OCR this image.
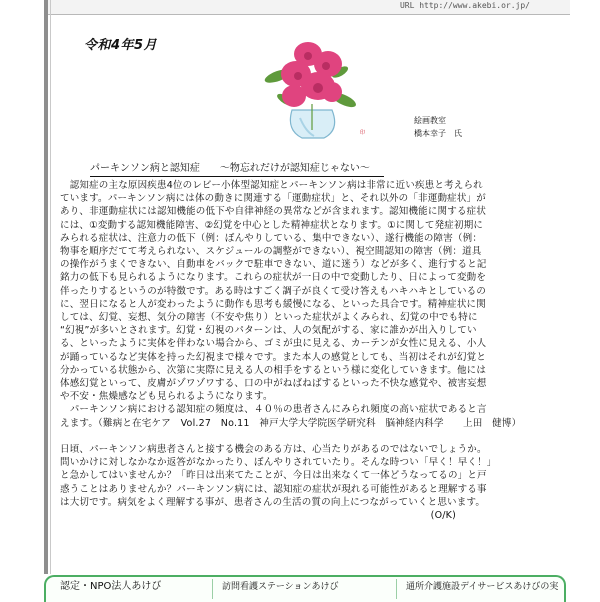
URL http://www.akebi.or.jp/
令和4年5月
印
絵画教室
橋本幸子　氏
パーキンソン病と認知症　　～物忘れだけが認知症じゃない～
　認知症の主な原因疾患4位のレビー小体型認知症とパーキンソン病は非常に近い疾患と考えられ
ています。パーキンソン病には体の動きに関連する「運動症状」と、それ以外の「非運動症状」が
あり、非運動症状には認知機能の低下や自律神経の異常などが含まれます。認知機能に関する症状
には、①変動する認知機能障害、②幻覚を中心とした精神症状となります。①に関して発症初期に
みられる症状は、注意力の低下（例：ぼんやりしている、集中できない）、遂行機能の障害（例：
物事を順序だてて考えられない、スケジュールの調整ができない）、視空間認知の障害（例：道具
の操作がうまくできない、自動車をバックで駐車できない、道に迷う）などが多く、進行すると記
銘力の低下も見られるようになります。これらの症状が一日の中で変動したり、日によって変動を
伴ったりするというのが特徴です。ある時はすごく調子が良くて受け答えもハキハキとしているの
に、翌日になると人が変わったように動作も思考も緩慢になる、といった具合です。精神症状に関
しては、幻覚、妄想、気分の障害（不安や焦り）といった症状がよくみられ、幻覚の中でも特に
“幻視”が多いとされます。幻覚・幻視のパターンは、人の気配がする、家に誰かが出入りしてい
る、といったように実体を伴わない場合から、ゴミが虫に見える、カーテンが女性に見える、小人
が踊っているなど実体を持った幻視まで様々です。また本人の感覚としても、当初はそれが幻覚と
分かっている状態から、次第に実際に見える人の相手をするという様に変化していきます。他には
体感幻覚といって、皮膚がゾワゾワする、口の中がねばねばするといった不快な感覚や、被害妄想
や不安・焦燥感なども見られるようになります。
　パーキンソン病における認知症の頻度は、４０％の患者さんにみられ頻度の高い症状であると言
えます。（難病と在宅ケア　Vol.27　No.11　神戸大学大学院医学研究科　脳神経内科学　　上田　健博）
日頃、パーキンソン病患者さんと接する機会のある方は、心当たりがあるのではないでしょうか。
問いかけに対しなかなか返答がなかったり、ぼんやりされていたり。そんな時つい「早く！早く！」
と急かしてはいませんか？「昨日は出来てたことが、今日は出来なくて一体どうなってるの」と戸
惑うことはありませんか？パーキンソン病には、認知症の症状が現れる可能性があると理解する事
は大切です。病気をよく理解する事が、患者さんの生活の質の向上につながっていくと思います。
(O/K)
認定・NPO法人あけび	訪問看護ステーションあけび	通所介護施設デイサービスあけびの実
